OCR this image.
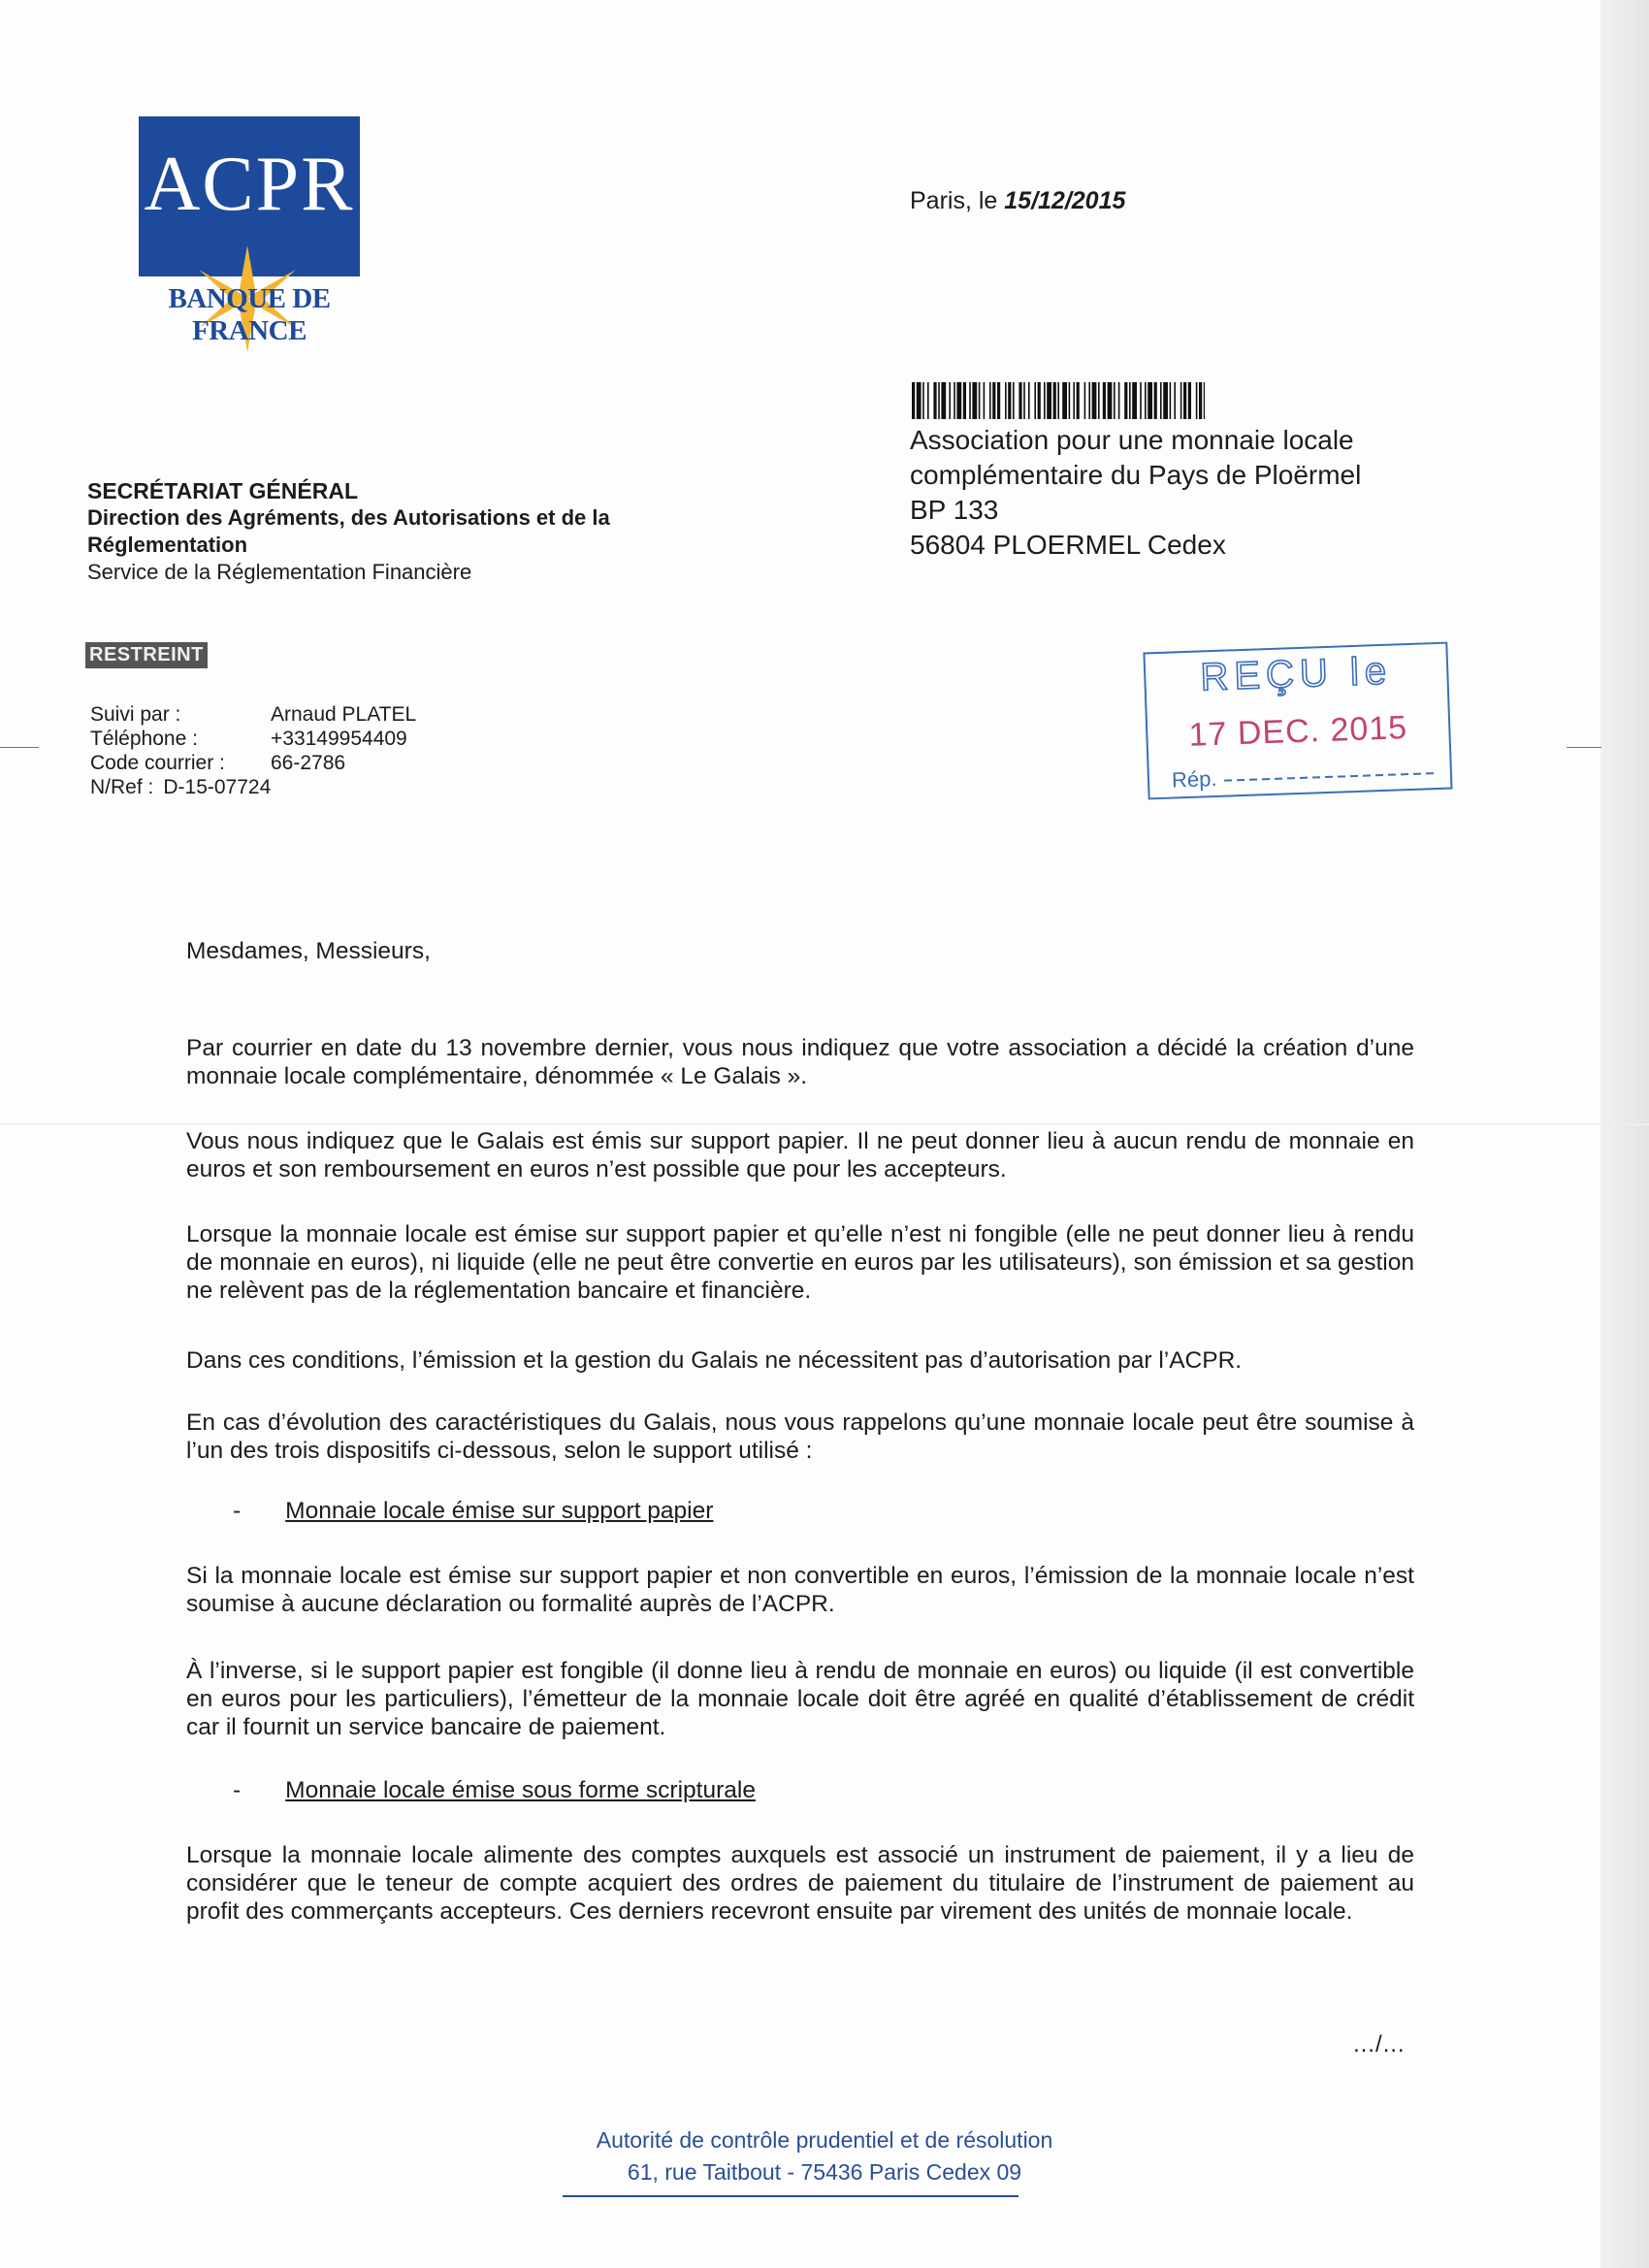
ACPR
BANQUE DE FRANCE
Paris, le 15/12/2015
Association pour une monnaie locale
complémentaire du Pays de Ploërmel
BP 133
56804 PLOERMEL Cedex
SECRÉTARIAT GÉNÉRAL
Direction des Agréments, des Autorisations et de la
Réglementation
Service de la Réglementation Financière
RESTREINT
Suivi par :	Arnaud PLATEL
Téléphone :	+33149954409
Code courrier : 66-2786
N/Ref : D-15-07724
REÇU le
17 DEC. 2015
Rép.

Mesdames, Messieurs,

Par courrier en date du 13 novembre dernier, vous nous indiquez que votre association a décidé la création d’une monnaie locale complémentaire, dénommée « Le Galais ».

Vous nous indiquez que le Galais est émis sur support papier. Il ne peut donner lieu à aucun rendu de monnaie en euros et son remboursement en euros n’est possible que pour les accepteurs.

Lorsque la monnaie locale est émise sur support papier et qu’elle n’est ni fongible (elle ne peut donner lieu à rendu de monnaie en euros), ni liquide (elle ne peut être convertie en euros par les utilisateurs), son émission et sa gestion ne relèvent pas de la réglementation bancaire et financière.

Dans ces conditions, l’émission et la gestion du Galais ne nécessitent pas d’autorisation par l’ACPR.

En cas d’évolution des caractéristiques du Galais, nous vous rappelons qu’une monnaie locale peut être soumise à l’un des trois dispositifs ci-dessous, selon le support utilisé :

- Monnaie locale émise sur support papier

Si la monnaie locale est émise sur support papier et non convertible en euros, l’émission de la monnaie locale n’est soumise à aucune déclaration ou formalité auprès de l’ACPR.

À l’inverse, si le support papier est fongible (il donne lieu à rendu de monnaie en euros) ou liquide (il est convertible en euros pour les particuliers), l’émetteur de la monnaie locale doit être agréé en qualité d’établissement de crédit car il fournit un service bancaire de paiement.

- Monnaie locale émise sous forme scripturale

Lorsque la monnaie locale alimente des comptes auxquels est associé un instrument de paiement, il y a lieu de considérer que le teneur de compte acquiert des ordres de paiement du titulaire de l’instrument de paiement au profit des commerçants accepteurs. Ces derniers recevront ensuite par virement des unités de monnaie locale.

…/…
Autorité de contrôle prudentiel et de résolution
61, rue Taitbout - 75436 Paris Cedex 09
